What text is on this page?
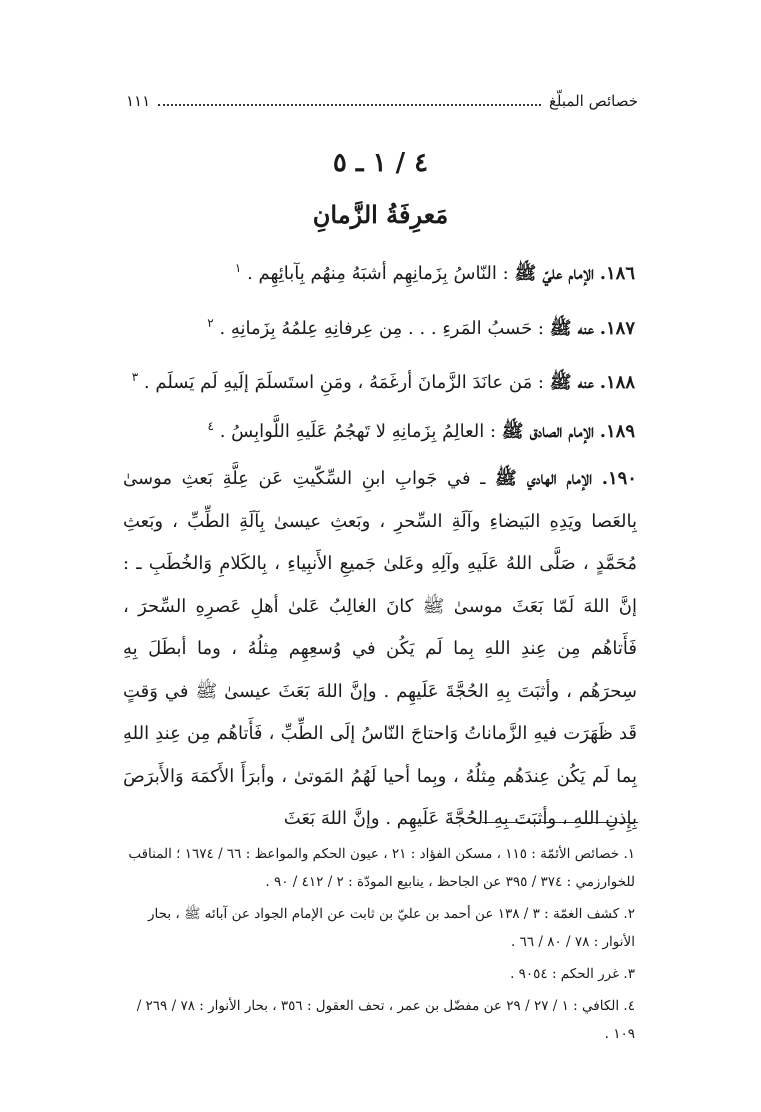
خصائص المبلّغ
١١١
٤ / ١ ـ ٥
مَعرِفَةُ الزَّمانِ
١٨٦. الإمام عليّ ﷺ : النّاسُ بِزَمانِهِم أشبَهُ مِنهُم بِآبائِهِم . $^١$
١٨٧. عنه ﷺ : حَسبُ المَرءِ . . . مِن عِرفانِهِ عِلمُهُ بِزَمانِهِ . $^٢$
١٨٨. عنه ﷺ : مَن عانَدَ الزَّمانَ أرغَمَهُ ، ومَنِ استَسلَمَ إلَيهِ لَم يَسلَم . $^٣$
١٨٩. الإمام الصادق ﷺ : العالِمُ بِزَمانِهِ لا تَهجُمُ عَلَيهِ اللَّوابِسُ . $^٤$
١٩٠. الإمام الهادي ﷺ ـ في جَوابِ ابنِ السِّكّيتِ عَن عِلَّةِ بَعثِ موسىٰ بِالعَصا ويَدِهِ البَيضاءِ وآلَةِ السِّحرِ ، وبَعثِ عيسىٰ بِآلَةِ الطِّبِّ ، وبَعثِ مُحَمَّدٍ ، صَلَّى اللهُ عَلَيهِ وآلِهِ وعَلىٰ جَميعِ الأَنبِياءِ ، بِالكَلامِ وَالخُطَبِ ـ : إنَّ اللهَ لَمّا بَعَثَ موسىٰ ﷺ كانَ الغالِبُ عَلىٰ أهلِ عَصرِهِ السِّحرَ ، فَأَتاهُم مِن عِندِ اللهِ بِما لَم يَكُن في وُسعِهِم مِثلُهُ ، وما أبطَلَ بِهِ سِحرَهُم ، وأثبَتَ بِهِ الحُجَّةَ عَلَيهِم . وإنَّ اللهَ بَعَثَ عيسىٰ ﷺ في وَقتٍ قَد ظَهَرَت فيهِ الزَّماناتُ وَاحتاجَ النّاسُ إلَى الطِّبِّ ، فَأَتاهُم مِن عِندِ اللهِ بِما لَم يَكُن عِندَهُم مِثلُهُ ، وبِما أحيا لَهُمُ المَوتىٰ ، وأبرَأَ الأَكمَهَ وَالأَبرَصَ بِإِذنِ اللهِ ، وأثبَتَ بِهِ الحُجَّةَ عَلَيهِم . وإنَّ اللهَ بَعَثَ
١. خصائص الأئمّة : ١١٥ ، مسكن الفؤاد : ٢١ ، عيون الحكم والمواعظ : ٦٦ / ١٦٧٤ ؛ المناقب للخوارزمي : ٣٧٤ / ٣٩٥ عن الجاحظ ، ينابيع المودّة : ٢ / ٤١٢ / ٩٠ .
٢. كشف الغمّة : ٣ / ١٣٨ عن أحمد بن عليّ بن ثابت عن الإمام الجواد عن آبائه ﷺ ، بحار الأنوار : ٧٨ / ٨٠ / ٦٦ .
٣. غرر الحكم : ٩٠٥٤ .
٤. الكافي : ١ / ٢٧ / ٢٩ عن مفضّل بن عمر ، تحف العقول : ٣٥٦ ، بحار الأنوار : ٧٨ / ٢٦٩ / ١٠٩ .
